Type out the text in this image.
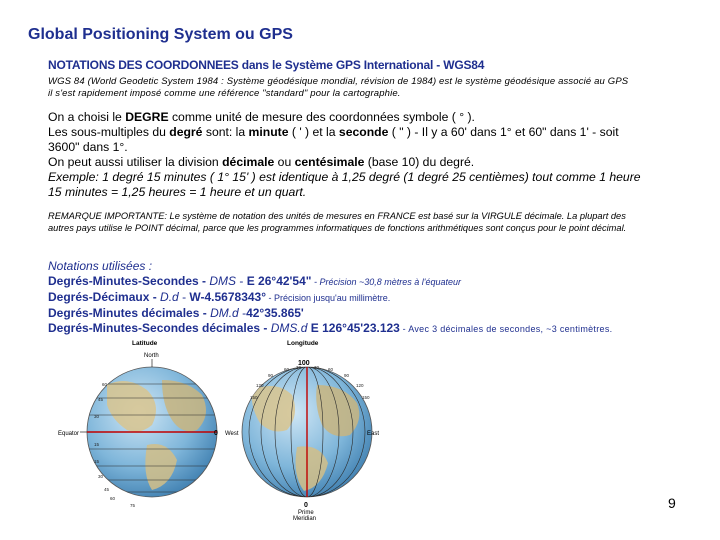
Global Positioning System ou GPS
NOTATIONS DES COORDONNEES dans le Système GPS International - WGS84
WGS 84 (World Geodetic System 1984 : Système géodésique mondial, révision de 1984) est le système géodésique associé au GPS
il s'est rapidement imposé comme une référence "standard" pour la cartographie.
On a choisi le DEGRE comme unité de mesure des coordonnées symbole ( ° ).
Les sous-multiples du degré sont: la minute ( ' ) et la seconde ( " ) - Il y a 60' dans 1° et 60" dans 1' - soit
3600" dans 1°.
On peut aussi utiliser la division décimale ou centésimale (base 10) du degré.
Exemple: 1 degré 15 minutes ( 1° 15' ) est identique à 1,25 degré (1 degré 25 centièmes) tout comme 1 heure
15 minutes = 1,25 heures = 1 heure et un quart.
REMARQUE IMPORTANTE: Le système de notation des unités de mesures en FRANCE est basé sur la VIRGULE décimale. La plupart des autres pays utilise le POINT décimal, parce que les programmes informatiques de fonctions arithmétiques sont conçus pour le point décimal.
Notations utilisées :
Degrés-Minutes-Secondes - DMS - E 26°42'54" - Précision ~30,8 mètres à l'équateur
Degrés-Décimaux - D.d - W-4.5678343° - Précision jusqu'au millimètre.
Degrés-Minutes décimales - DM.d -42°35.865'
Degrés-Minutes-Secondes décimales - DMS.d E 126°45'23.123 - Avec 3 décimales de secondes, ~3 centimètres.
Latitude	Longitude
North
Equator	0
60
45
30
15
15
30
45
60
75
100
West	East
0
Prime
Meridian
150
120
90
60 30	30 60
90
120
150
9
